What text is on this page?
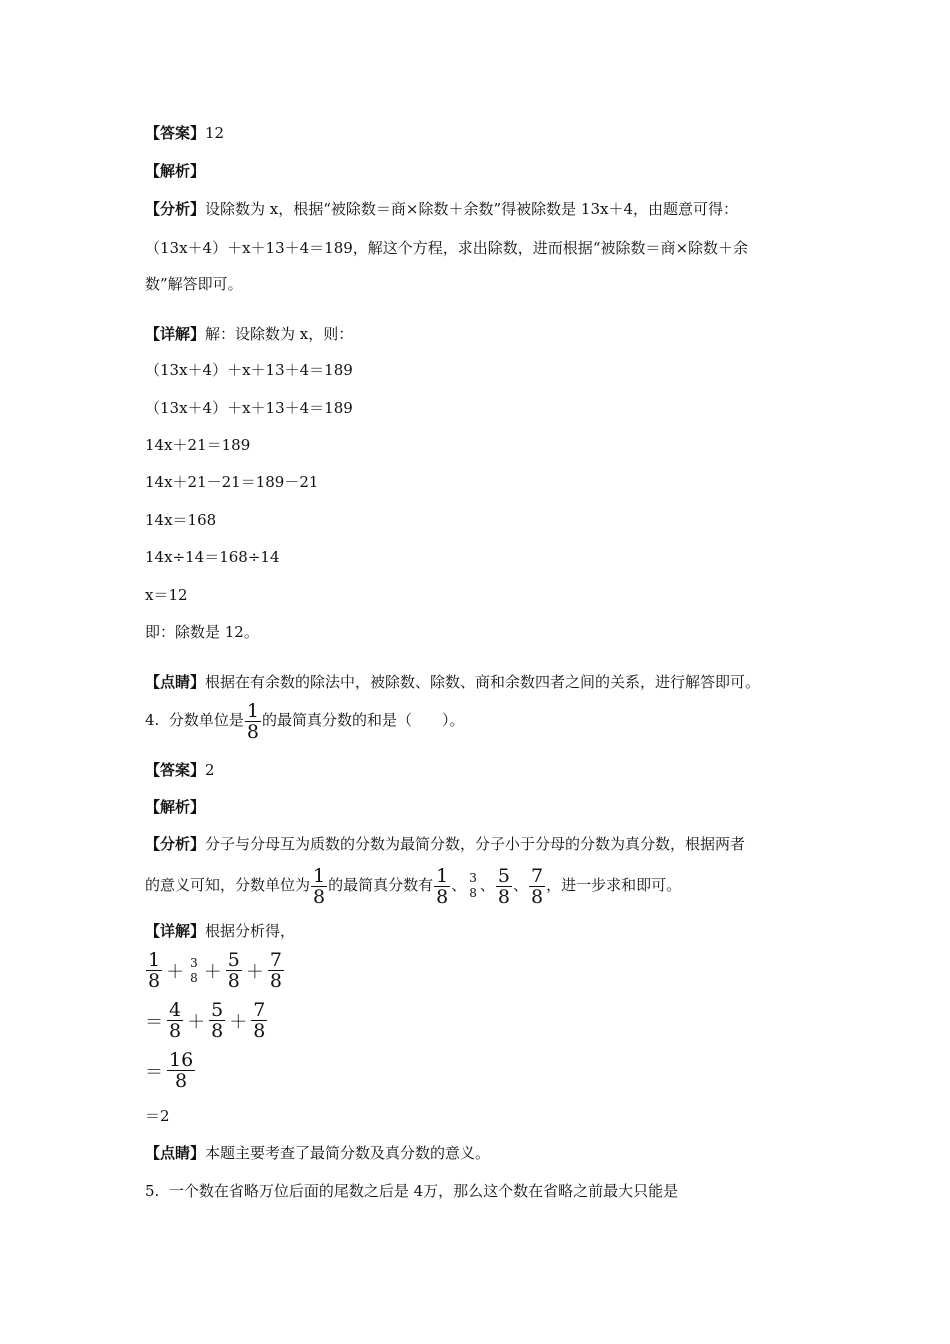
【答案】12
【解析】
【分析】设除数为 x，根据“被除数＝商×除数＋余数”得被除数是 13x＋4，由题意可得：
（13x＋4）＋x＋13＋4＝189，解这个方程，求出除数，进而根据“被除数＝商×除数＋余
数”解答即可。
【详解】解：设除数为 x，则：
（13x＋4）＋x＋13＋4＝189
（13x＋4）＋x＋13＋4＝189
14x＋21＝189
14x＋21－21＝189－21
14x＝168
14x÷14＝168÷14
x＝12
即：除数是 12。
【点睛】根据在有余数的除法中，被除数、除数、商和余数四者之间的关系，进行解答即可。
4. 分数单位是 $\frac{1}{8}$ 的最简真分数的和是（　　）。
【答案】2
【解析】
【分析】分子与分母互为质数的分数为最简分数，分子小于分母的分数为真分数，根据两者
的意义可知，分数单位为 $\frac{1}{8}$ 的最简真分数有 $\frac{1}{8}$ 、 3
8 、 $\frac{5}{8}$ 、 $\frac{7}{8}$ ，进一步求和即可。
【详解】根据分析得，
$\frac{1}{8} + 3$
$8 + \frac{5}{8} + \frac{7}{8}$
＝ $\frac{4}{8} + \frac{5}{8} + \frac{7}{8}$
＝ $\frac{16}{8}$
＝2
【点睛】本题主要考查了最简分数及真分数的意义。
5. 一个数在省略万位后面的尾数之后是 4万，那么这个数在省略之前最大只能是
